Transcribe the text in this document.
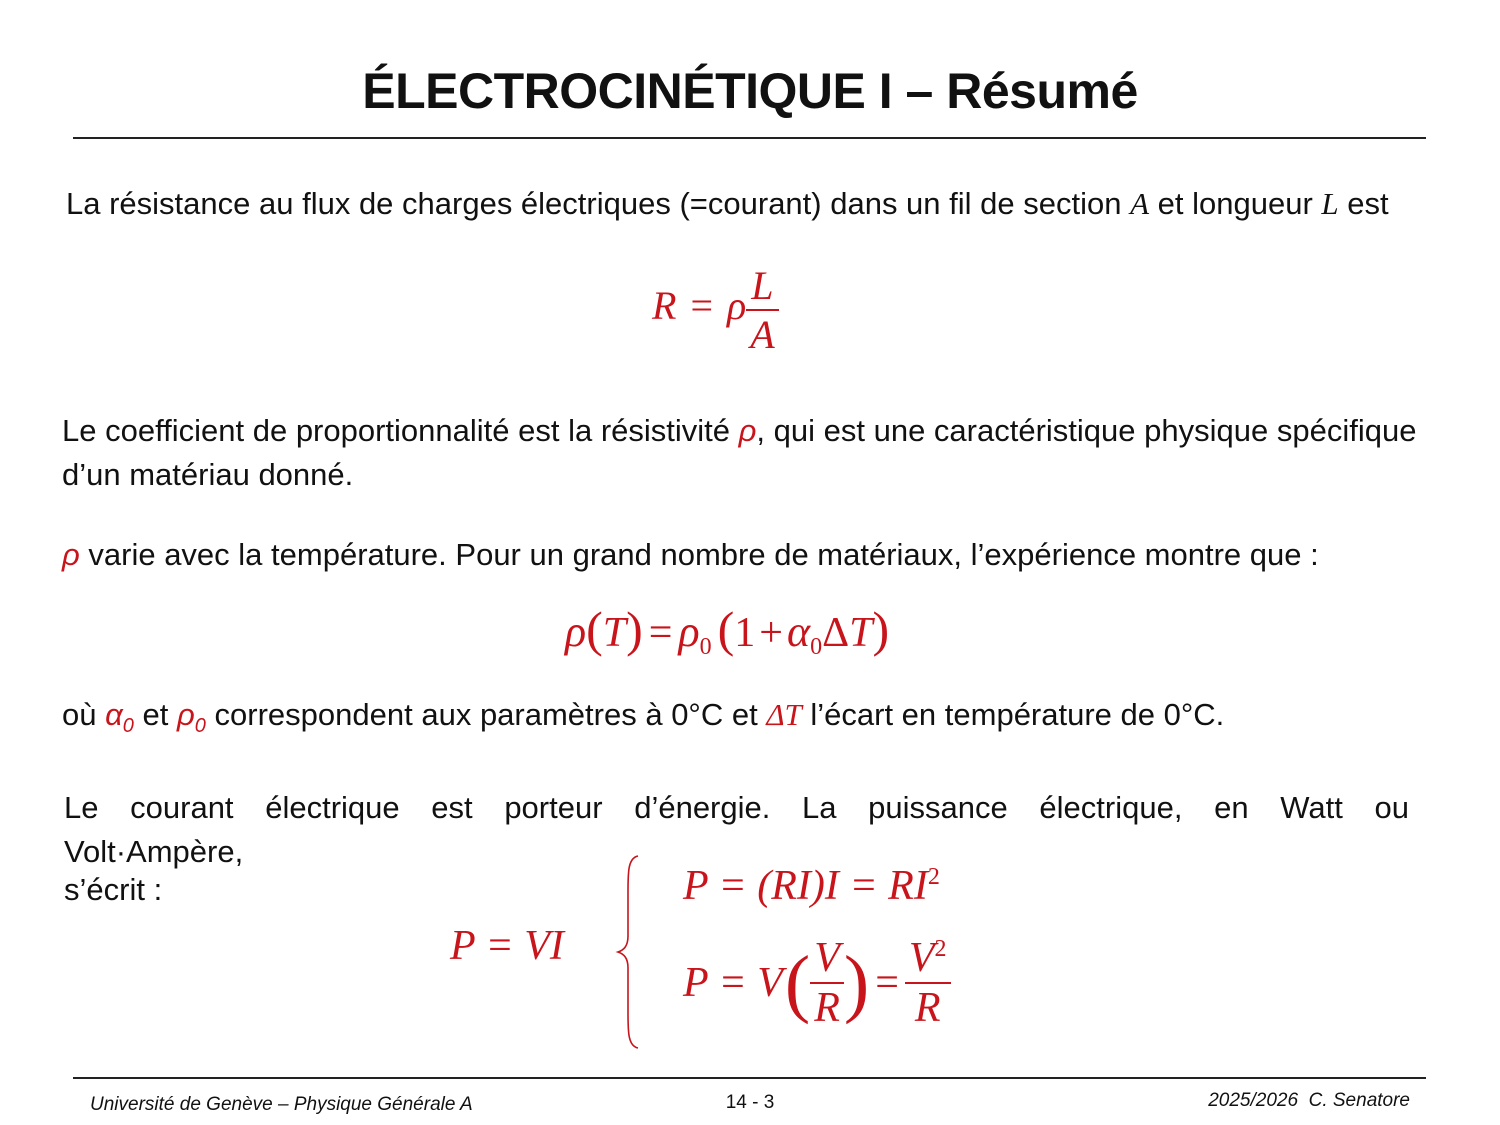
ÉLECTROCINÉTIQUE I – Résumé
La résistance au flux de charges électriques (=courant) dans un fil de section A et longueur L est
R = ρ $\frac{L}{A}$
Le coefficient de proportionnalité est la résistivité ρ, qui est une caractéristique physique spécifique
d’un matériau donné.
ρ varie avec la température. Pour un grand nombre de matériaux, l’expérience montre que :
ρ(T) = ρ0 (1+α0ΔT)
où $\alpha_0$ et $\rho_0$ correspondent aux paramètres à 0°C et ΔT l’écart en température de 0°C.
Le courant électrique est porteur d’énergie. La puissance électrique, en Watt ou Volt·Ampère,
s’écrit :
P = VI
$P = (RI)I = RI^2$
P = V ( $\frac{V}{R}$ ) = $\frac{V^2}{R}$
Université de Genève – Physique Générale A	14 - 3	2025/2026  C. Senatore
